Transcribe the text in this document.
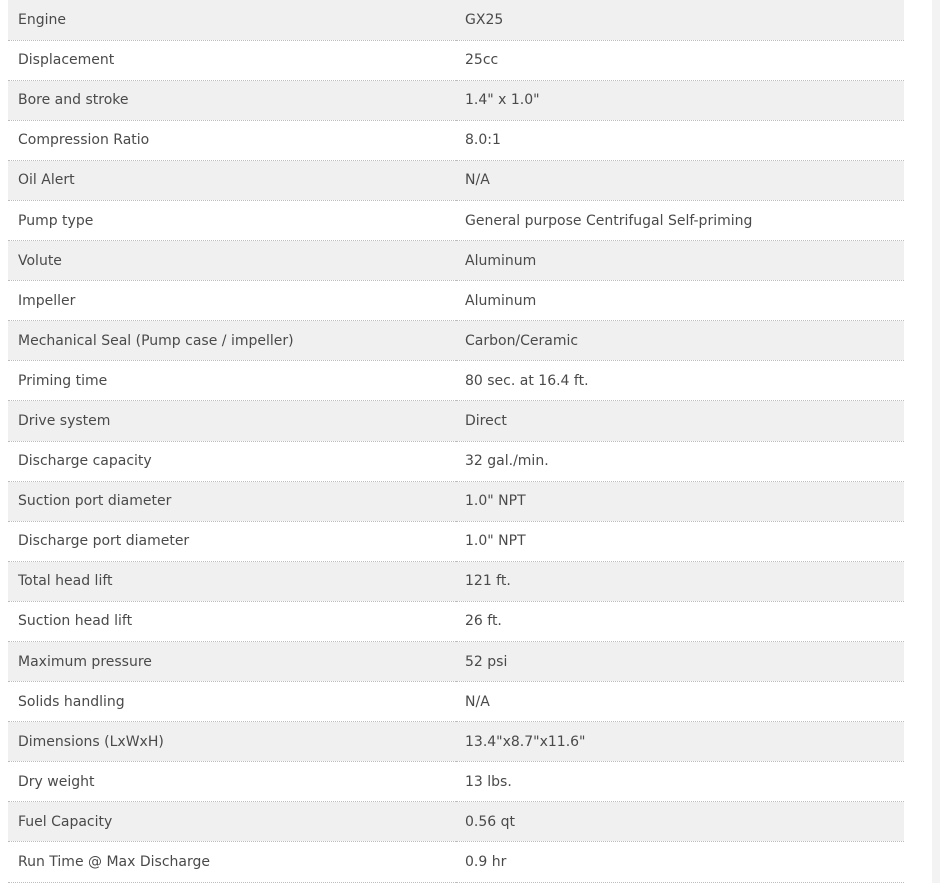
Engine	GX25
Displacement	25cc
Bore and stroke	1.4" x 1.0"
Compression Ratio	8.0:1
Oil Alert	N/A
Pump type	General purpose Centrifugal Self-priming
Volute	Aluminum
Impeller	Aluminum
Mechanical Seal (Pump case / impeller)	Carbon/Ceramic
Priming time	80 sec. at 16.4 ft.
Drive system	Direct
Discharge capacity	32 gal./min.
Suction port diameter	1.0" NPT
Discharge port diameter	1.0" NPT
Total head lift	121 ft.
Suction head lift	26 ft.
Maximum pressure	52 psi
Solids handling	N/A
Dimensions (LxWxH)	13.4"x8.7"x11.6"
Dry weight	13 lbs.
Fuel Capacity	0.56 qt
Run Time @ Max Discharge	0.9 hr
